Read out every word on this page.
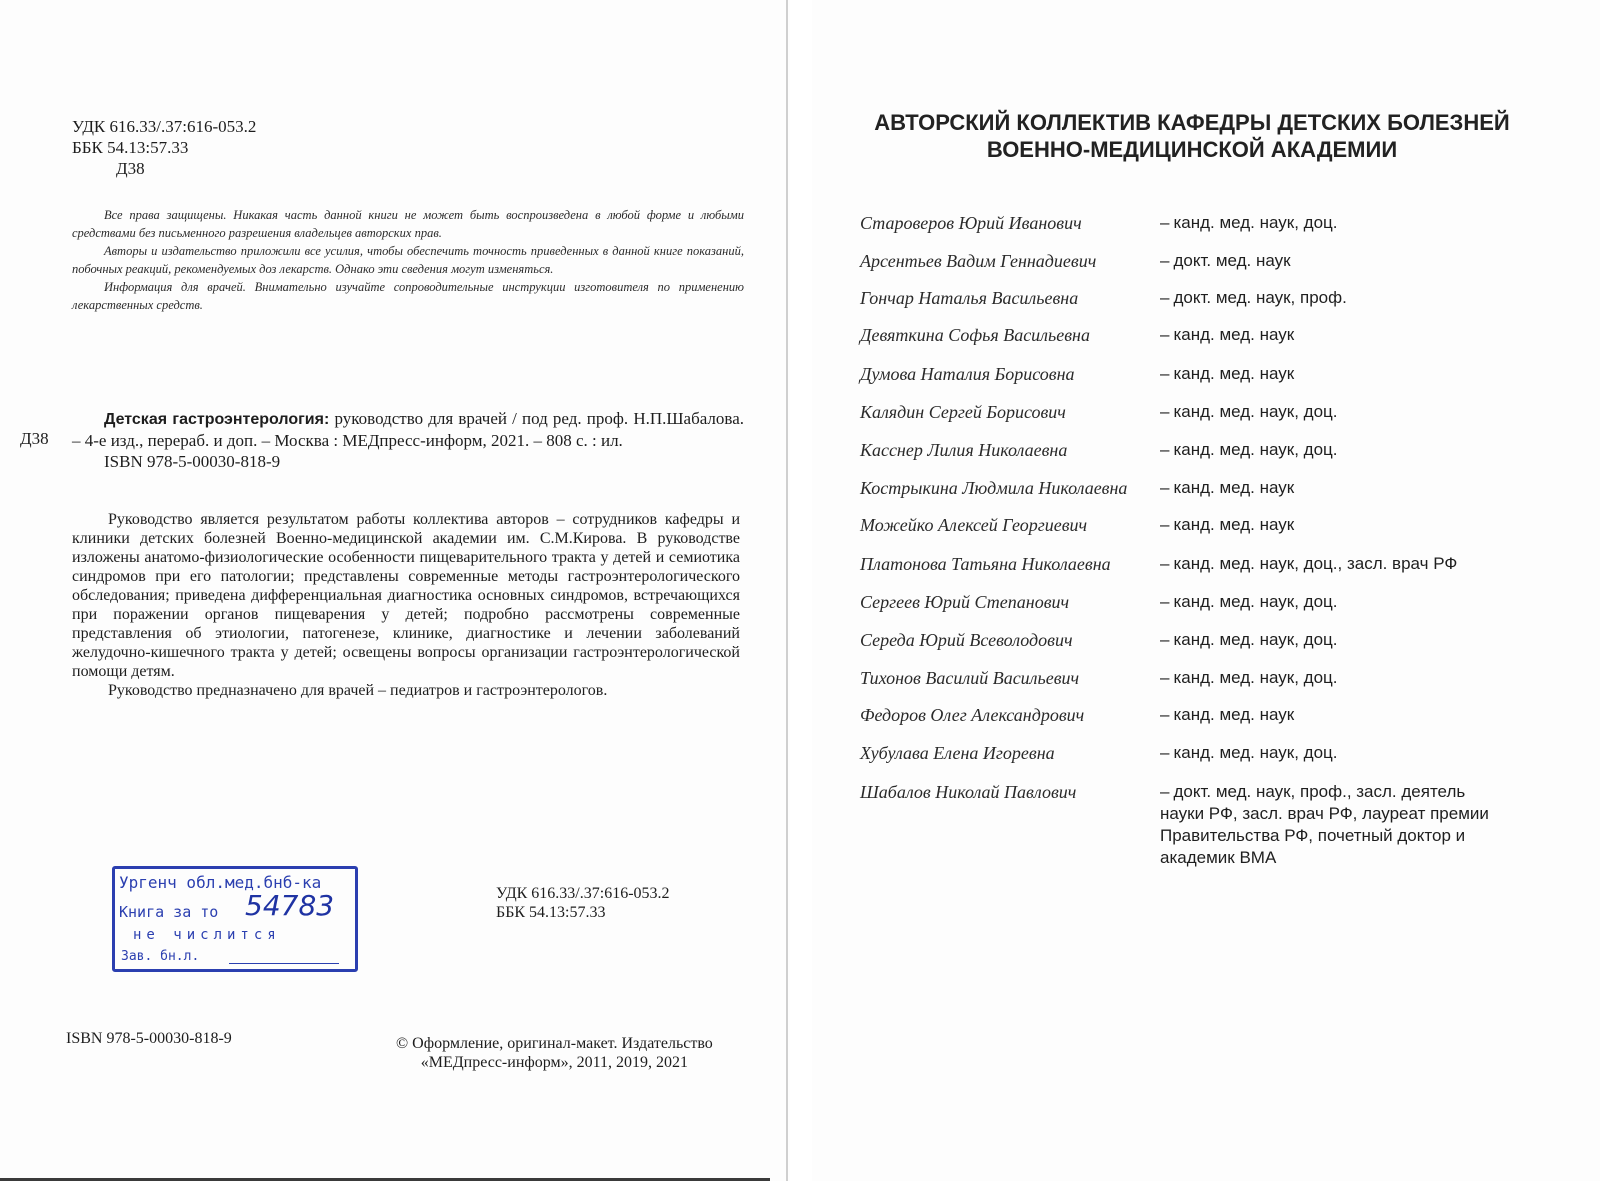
УДК 616.33/.37:616-053.2
ББК 54.13:57.33
Д38

Все права защищены. Никакая часть данной книги не может быть воспроизведена в любой форме и любыми средствами без письменного разрешения владельцев авторских прав.

Авторы и издательство приложили все усилия, чтобы обеспечить точность приведенных в данной книге показаний, побочных реакций, рекомендуемых доз лекарств. Однако эти сведения могут изменяться.

Информация для врачей. Внимательно изучайте сопроводительные инструкции изготовителя по применению лекарственных средств.

Д38
Детская гастроэнтерология: руководство для врачей / под ред. проф. Н.П.Шабалова. – 4-е изд., перераб. и доп. – Москва : МЕДпресс-информ, 2021. – 808 с. : ил.
ISBN 978-5-00030-818-9

Руководство является результатом работы коллектива авторов – сотрудников кафедры и клиники детских болезней Военно-медицинской академии им. С.М.Кирова. В руководстве изложены анатомо-физиологические особенности пищеварительного тракта у детей и семиотика синдромов при его патологии; представлены современные методы гастроэнтерологического обследования; приведена дифференциальная диагностика основных синдромов, встречающихся при поражении органов пищеварения у детей; подробно рассмотрены современные представления об этиологии, патогенезе, клинике, диагностике и лечении заболеваний желудочно-кишечного тракта у детей; освещены вопросы организации гастроэнтерологической помощи детям.

Руководство предназначено для врачей – педиатров и гастроэнтерологов.

Ургенч обл.мед.бнб-ка
Книга за то 54783
не числится
Зав. бн.л.
УДК 616.33/.37:616-053.2
ББК 54.13:57.33
ISBN 978-5-00030-818-9	© Оформление, оригинал-макет. Издательство
«МЕДпресс-информ», 2011, 2019, 2021
АВТОРСКИЙ КОЛЛЕКТИВ КАФЕДРЫ ДЕТСКИХ БОЛЕЗНЕЙ
ВОЕННО-МЕДИЦИНСКОЙ АКАДЕМИИ
Староверов Юрий Иванович	– канд. мед. наук, доц.
Арсентьев Вадим Геннадиевич	– докт. мед. наук
Гончар Наталья Васильевна	– докт. мед. наук, проф.
Девяткина Софья Васильевна	– канд. мед. наук
Думова Наталия Борисовна	– канд. мед. наук
Калядин Сергей Борисович	– канд. мед. наук, доц.
Касснер Лилия Николаевна	– канд. мед. наук, доц.
Кострыкина Людмила Николаевна – канд. мед. наук
Можейко Алексей Георгиевич	– канд. мед. наук
Платонова Татьяна Николаевна	– канд. мед. наук, доц., засл. врач РФ
Сергеев Юрий Степанович	– канд. мед. наук, доц.
Середа Юрий Всеволодович	– канд. мед. наук, доц.
Тихонов Василий Васильевич	– канд. мед. наук, доц.
Федоров Олег Александрович	– канд. мед. наук
Хубулава Елена Игоревна	– канд. мед. наук, доц.
Шабалов Николай Павлович	– докт. мед. наук, проф., засл. деятель науки РФ, засл. врач РФ, лауреат премии Правительства РФ, почетный доктор и академик ВМА
